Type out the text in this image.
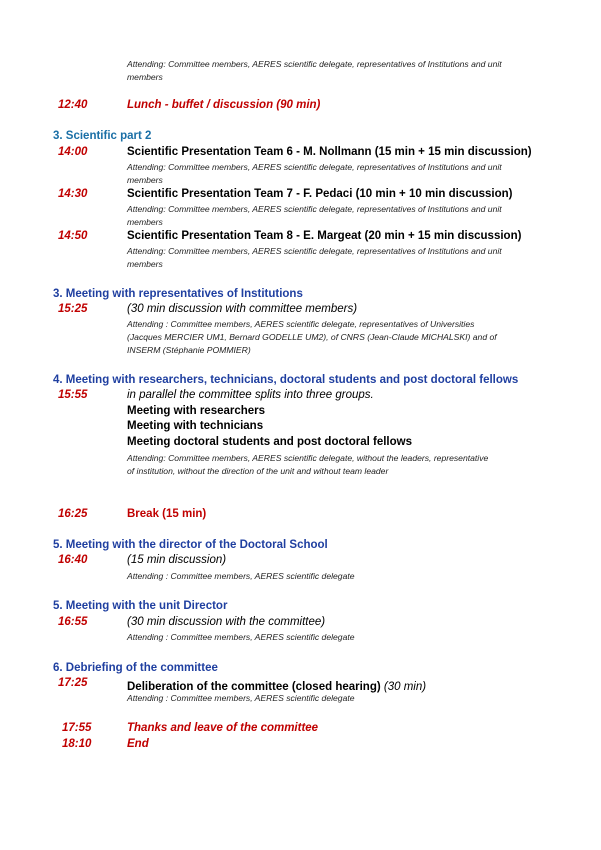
Attending: Committee members, AERES scientific delegate, representatives of Institutions and unit members
12:40	Lunch - buffet / discussion (90 min)
3. Scientific part 2
14:00	Scientific Presentation Team 6 - M. Nollmann (15 min + 15 min discussion)
Attending: Committee members, AERES scientific delegate, representatives of Institutions and unit members
14:30	Scientific Presentation Team 7 - F. Pedaci (10 min + 10 min discussion)
Attending: Committee members, AERES scientific delegate, representatives of Institutions and unit members
14:50	Scientific Presentation Team 8 - E. Margeat (20 min + 15 min discussion)
Attending: Committee members, AERES scientific delegate, representatives of Institutions and unit members
3. Meeting with representatives of Institutions
15:25	(30 min discussion with committee members)
Attending : Committee members, AERES scientific delegate, representatives of Universities (Jacques MERCIER UM1, Bernard GODELLE UM2), of CNRS (Jean-Claude MICHALSKI) and of INSERM (Stéphanie POMMIER)
4. Meeting with researchers, technicians, doctoral students and post doctoral fellows
15:55	in parallel the committee splits into three groups.
Meeting with researchers
Meeting with technicians
Meeting doctoral students and post doctoral fellows
Attending: Committee members, AERES scientific delegate, without the leaders, representative of institution, without the direction of the unit and without team leader
16:25	Break (15 min)
5. Meeting with the director of the Doctoral School
16:40	(15 min discussion)
Attending : Committee members, AERES scientific delegate
5. Meeting with the unit Director
16:55	(30 min discussion with the committee)
Attending : Committee members, AERES scientific delegate
6. Debriefing of the committee
17:25	Deliberation of the committee (closed hearing) (30 min)
Attending : Committee members, AERES scientific delegate
17:55	Thanks and leave of the committee
18:10	End
